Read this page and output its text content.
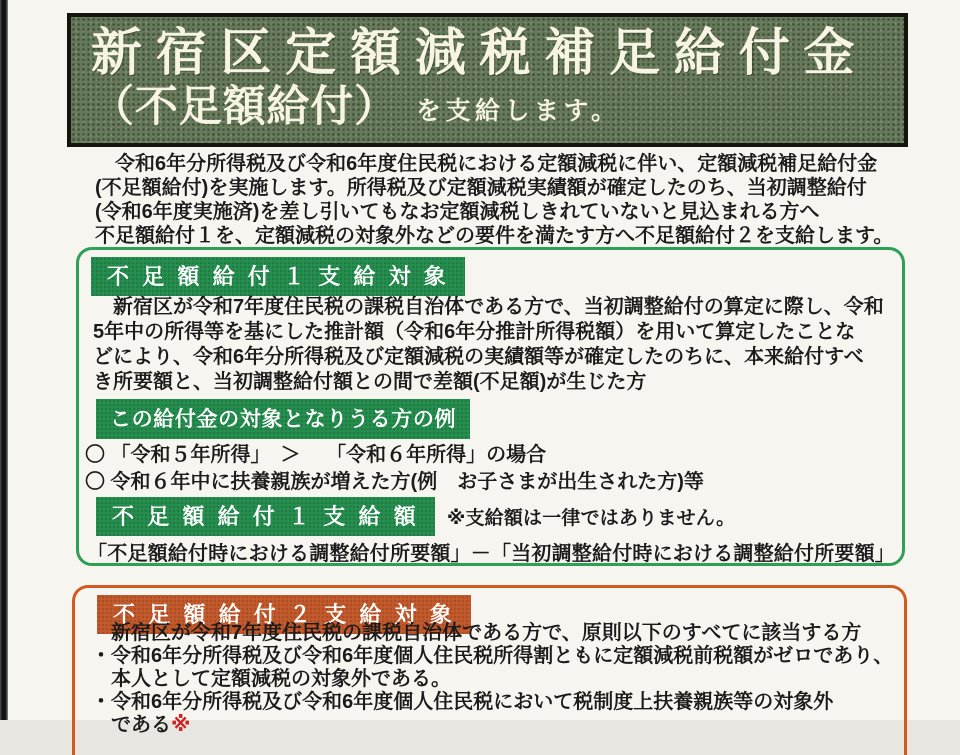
新宿区定額減税補足給付金
（不足額給付） を支給します。
　令和6年分所得税及び令和6年度住民税における定額減税に伴い、定額減税補足給付金
(不足額給付)を実施します。所得税及び定額減税実績額が確定したのち、当初調整給付
(令和6年度実施済)を差し引いてもなお定額減税しきれていないと見込まれる方へ
不足額給付１を、定額減税の対象外などの要件を満たす方へ不足額給付２を支給します。
不足額給付１支給対象
　新宿区が令和7年度住民税の課税自治体である方で、当初調整給付の算定に際し、令和
5年中の所得等を基にした推計額（令和6年分推計所得税額）を用いて算定したことな
どにより、令和6年分所得税及び定額減税の実績額等が確定したのちに、本来給付すべ
き所要額と、当初調整給付額との間で差額(不足額)が生じた方
この給付金の対象となりうる方の例
〇 「令和５年所得」　＞　 「令和６年所得」の場合
〇 令和６年中に扶養親族が増えた方(例　お子さまが出生された方)等
不足額給付１支給額 ※支給額は一律ではありません。
「不足額給付時における調整給付所要額」－「当初調整給付時における調整給付所要額」
不足額給付２支給対象
　新宿区が令和7年度住民税の課税自治体である方で、原則以下のすべてに該当する方
・令和6年分所得税及び令和6年度個人住民税所得割ともに定額減税前税額がゼロであり、
　本人として定額減税の対象外である。
・令和6年分所得税及び令和6年度個人住民税において税制度上扶養親族等の対象外
　である※
